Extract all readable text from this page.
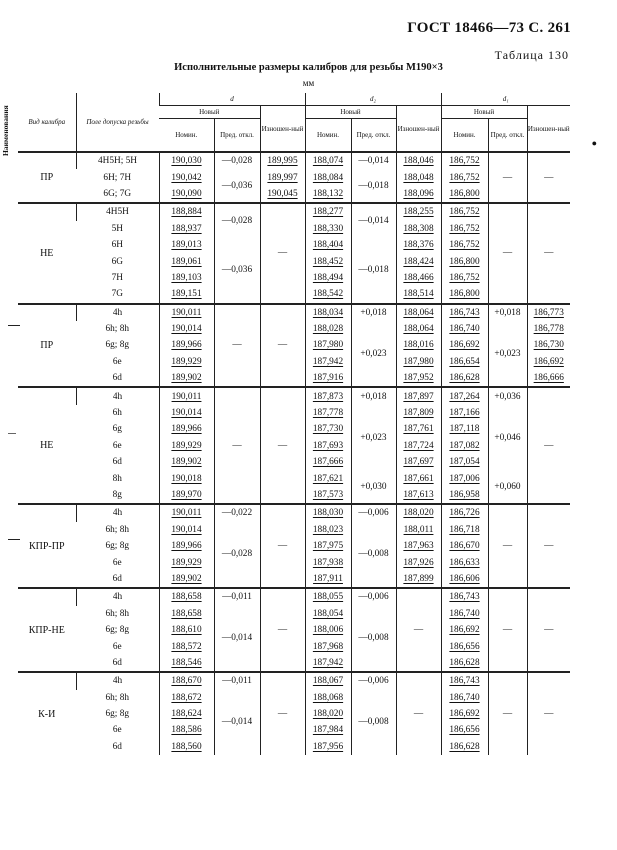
ГОСТ 18466—73 С. 261
Таблица 130
Исполнительные размеры калибров для резьбы М190×3
мм
Наименования	●

Вид калибра	Поле допуска резьбы	d			d₂			d₁		
		Новый		Изношен-ный	Новый		Изношен-ный	Новый		Изношен-ный
		Номин.	Пред. откл.		Номин.	Пред. откл.		Номин.	Пред. откл.	
ПР	4Н5Н; 5Н	190,030	—0,028	189,995	188,074	—0,014	188,046	186,752	—	—
	6Н; 7Н	190,042	—0,036	189,997	188,084	—0,018	188,048	186,752		
	6G; 7G	190,090		190,045	188,132		188,096	186,800		
НЕ	4Н5Н	188,884	—0,028	—	188,277	—0,014	188,255	186,752	—	—
	5Н	188,937			188,330		188,308	186,752		
	6Н	189,013	—0,036		188,404	—0,018	188,376	186,752		
	6G	189,061			188,452		188,424	186,800		
	7Н	189,103			188,494		188,466	186,752		
	7G	189,151			188,542		188,514	186,800		
ПР	4h	190,011	—	—	188,034	+0,018	188,064	186,743	+0,018	186,773
	6h; 8h	190,014			188,028	+0,023	188,064	186,740	+0,023	186,778
	6g; 8g	189,966			187,980		188,016	186,692		186,730
	6e	189,929			187,942		187,980	186,654		186,692
	6d	189,902			187,916		187,952	186,628		186,666
НЕ	4h	190,011	—	—	187,873	+0,018	187,897	187,264	+0,036	—
	6h	190,014			187,778	+0,023	187,809	187,166	+0,046	
	6g	189,966			187,730		187,761	187,118		
	6e	189,929			187,693		187,724	187,082		
	6d	189,902			187,666		187,697	187,054		
	8h	190,018			187,621	+0,030	187,661	187,006	+0,060	
	8g	189,970			187,573		187,613	186,958		
КПР-ПР	4h	190,011	—0,022	—	188,030	—0,006	188,020	186,726	—	—
	6h; 8h	190,014	—0,028		188,023	—0,008	188,011	186,718		
	6g; 8g	189,966			187,975		187,963	186,670		
	6e	189,929			187,938		187,926	186,633		
	6d	189,902			187,911		187,899	186,606		
КПР-НЕ	4h	188,658	—0,011	—	188,055	—0,006	—	186,743	—	—
	6h; 8h	188,658	—0,014		188,054	—0,008		186,740		
	6g; 8g	188,610			188,006			186,692		
	6e	188,572			187,968			186,656		
	6d	188,546			187,942			186,628		
К-И	4h	188,670	—0,011	—	188,067	—0,006	—	186,743	—	—
	6h; 8h	188,672	—0,014		188,068	—0,008		186,740		
	6g; 8g	188,624			188,020			186,692		
	6e	188,586			187,984			186,656		
	6d	188,560			187,956			186,628		
